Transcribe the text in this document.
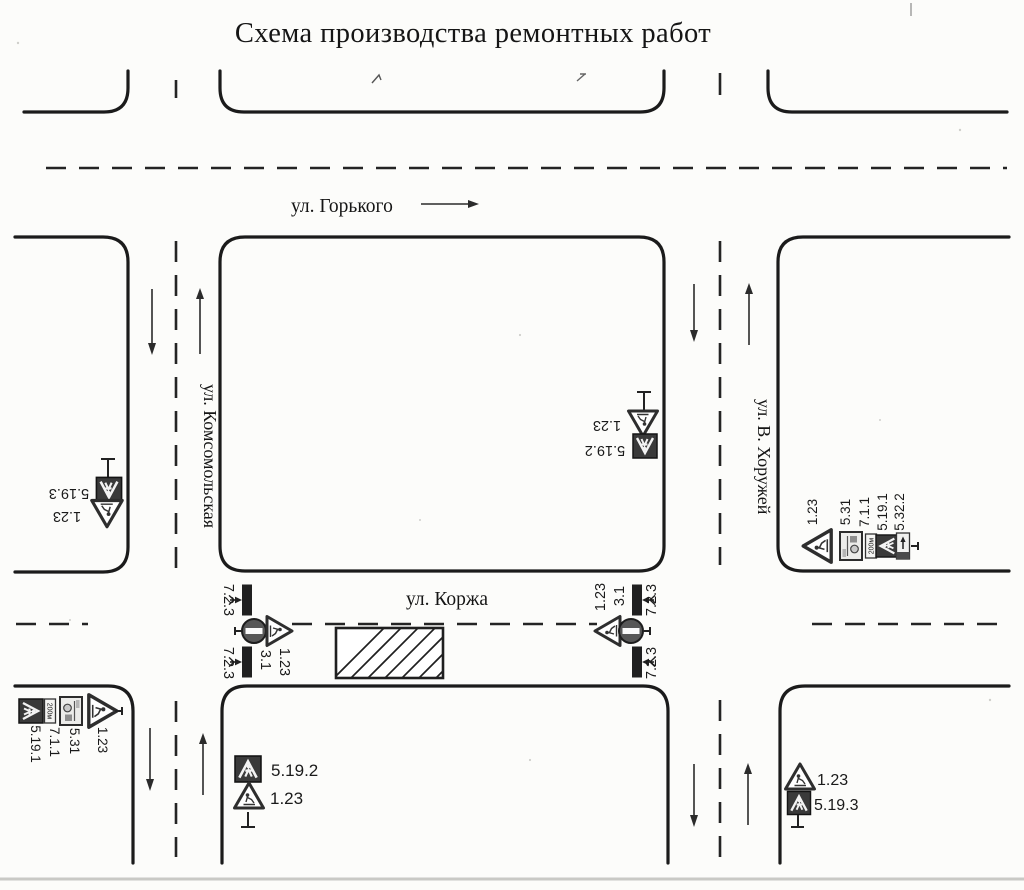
Схема производства ремонтных работ
ул. Горького
ул. Коржа
ул. Комсомольская	ул. В. Хоружей
5.19.3
1.23
1.23
5.19.2
200м
1.23 5.31 7.1.1 5.19.1 5.32.2
7.2.3
3.1 1.23
7.2.3
1.23 3.1 7.2.3
7.2.3
200м
5.19.1 7.1.1 5.31 1.23
5.19.2
1.23
1.23
5.19.3
